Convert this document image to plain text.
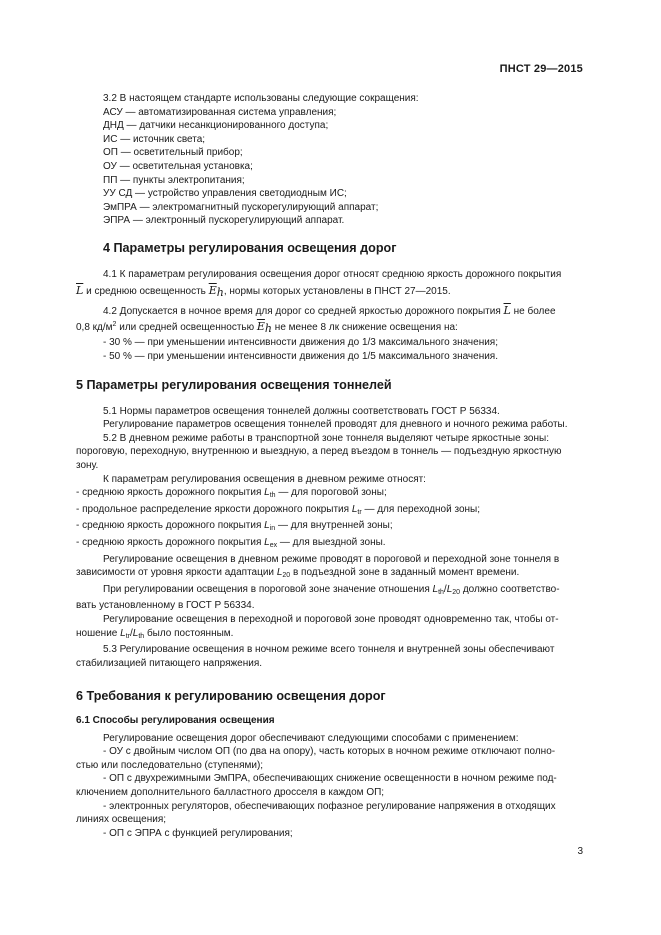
ПНСТ 29—2015
3.2 В настоящем стандарте использованы следующие сокращения:
АСУ — автоматизированная система управления;
ДНД — датчики несанкционированного доступа;
ИС — источник света;
ОП — осветительный прибор;
ОУ — осветительная установка;
ПП — пункты электропитания;
УУ СД — устройство управления светодиодным ИС;
ЭмПРА — электромагнитный пускорегулирующий аппарат;
ЭПРА — электронный пускорегулирующий аппарат.
4 Параметры регулирования освещения дорог
4.1 К параметрам регулирования освещения дорог относят среднюю яркость дорожного покрытия
$\overline{L}$ и среднюю освещенность $\overline{E}_h$, нормы которых установлены в ПНСТ 27—2015.
4.2 Допускается в ночное время для дорог со средней яркостью дорожного покрытия $\overline{L}$ не более
0,8 $кд/м^2$ или средней освещенностью $\overline{E}_h$ не менее 8 лк снижение освещения на:
- 30 % — при уменьшении интенсивности движения до 1/3 максимального значения;
- 50 % — при уменьшении интенсивности движения до 1/5 максимального значения.
5 Параметры регулирования освещения тоннелей
5.1 Нормы параметров освещения тоннелей должны соответствовать ГОСТ Р 56334.
Регулирование параметров освещения тоннелей проводят для дневного и ночного режима работы.
5.2 В дневном режиме работы в транспортной зоне тоннеля выделяют четыре яркостные зоны:
пороговую, переходную, внутреннюю и выездную, а перед въездом в тоннель — подъездную яркостную
зону.
К параметрам регулирования освещения в дневном режиме относят:
- среднюю яркость дорожного покрытия $L_{th}$ — для пороговой зоны;
- продольное распределение яркости дорожного покрытия $L_{tr}$ — для переходной зоны;
- среднюю яркость дорожного покрытия $L_{in}$ — для внутренней зоны;
- среднюю яркость дорожного покрытия $L_{ex}$ — для выездной зоны.
Регулирование освещения в дневном режиме проводят в пороговой и переходной зоне тоннеля в
зависимости от уровня яркости адаптации $L_{20}$ в подъездной зоне в заданный момент времени.
При регулировании освещения в пороговой зоне значение отношения $L_{th}/L_{20}$ должно соответство-
вать установленному в ГОСТ Р 56334.
Регулирование освещения в переходной и пороговой зоне проводят одновременно так, чтобы от-
ношение $L_{tr}/L_{th}$ было постоянным.
5.3 Регулирование освещения в ночном режиме всего тоннеля и внутренней зоны обеспечивают
стабилизацией питающего напряжения.
6 Требования к регулированию освещения дорог
6.1 Способы регулирования освещения
Регулирование освещения дорог обеспечивают следующими способами с применением:
- ОУ с двойным числом ОП (по два на опору), часть которых в ночном режиме отключают полно-
стью или последовательно (ступенями);
- ОП с двухрежимными ЭмПРА, обеспечивающих снижение освещенности в ночном режиме под-
ключением дополнительного балластного дросселя в каждом ОП;
- электронных регуляторов, обеспечивающих пофазное регулирование напряжения в отходящих
линиях освещения;
- ОП с ЭПРА с функцией регулирования;
3
